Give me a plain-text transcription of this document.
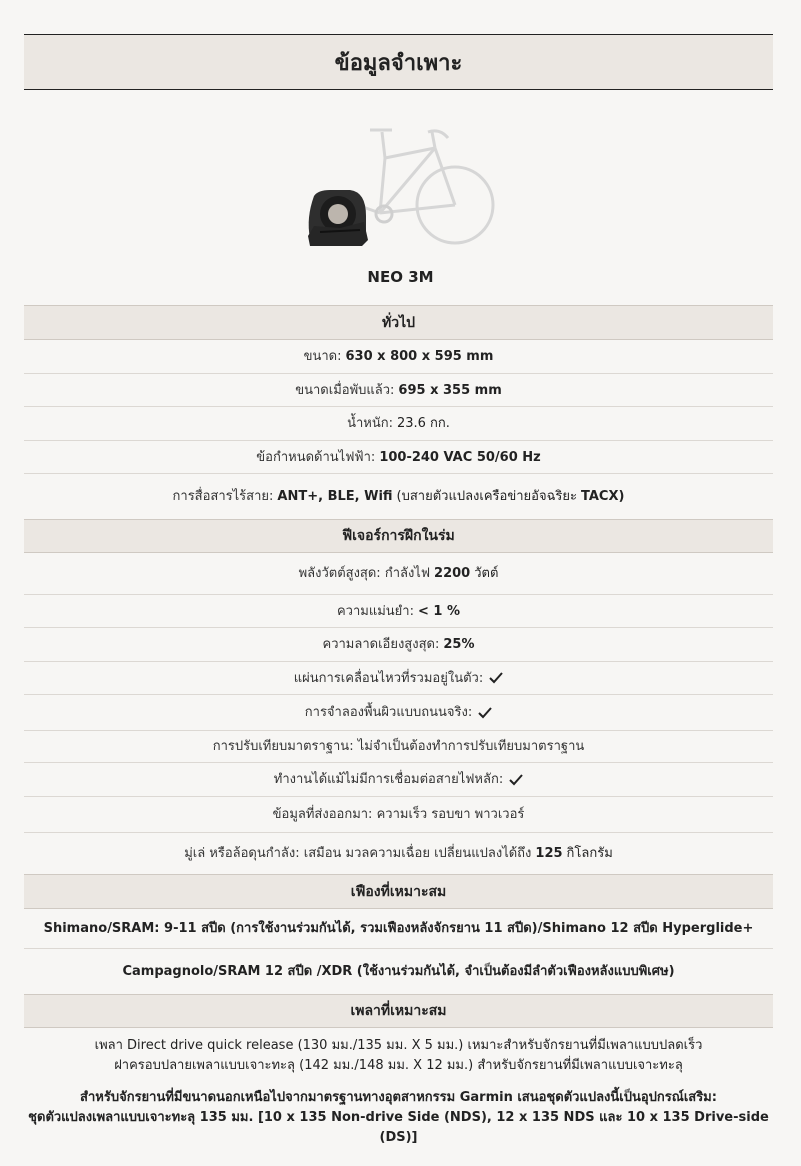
ข้อมูลจำเพาะ
NEO 3M
ทั่วไป
ขนาด: 630 x 800 x 595 mm
ขนาดเมื่อพับแล้ว: 695 x 355 mm
น้ำหนัก: 23.6 กก.
ข้อกำหนดด้านไฟฟ้า: 100-240 VAC 50/60 Hz
การสื่อสารไร้สาย: ANT+, BLE, Wifi (บสายตัวแปลงเครือข่ายอัจฉริยะ TACX)
ฟีเจอร์การฝึกในร่ม
พลังวัตต์สูงสุด: กำลังไฟ 2200 วัตต์
ความแม่นยำ: < 1 %
ความลาดเอียงสูงสุด: 25%
แผ่นการเคลื่อนไหวที่รวมอยู่ในตัว:
การจำลองพื้นผิวแบบถนนจริง:
การปรับเทียบมาตราฐาน: ไม่จำเป็นต้องทำการปรับเทียบมาตราฐาน
ทำงานได้แม้ไม่มีการเชื่อมต่อสายไฟหลัก:
ข้อมูลที่ส่งออกมา: ความเร็ว รอบขา พาวเวอร์
มู่เล่ หรือล้อดุนกำลัง: เสมือน มวลความเฉื่อย เปลี่ยนแปลงได้ถึง 125 กิโลกรัม
เฟืองที่เหมาะสม
Shimano/SRAM: 9-11 สปีด (การใช้งานร่วมกันได้, รวมเฟืองหลังจักรยาน 11 สปีด)/Shimano 12 สปีด Hyperglide+
Campagnolo/SRAM 12 สปีด /XDR (ใช้งานร่วมกันได้, จำเป็นต้องมีลำตัวเฟืองหลังแบบพิเศษ)
เพลาที่เหมาะสม
เพลา Direct drive quick release (130 มม./135 มม. X 5 มม.) เหมาะสำหรับจักรยานที่มีเพลาแบบปลดเร็ว
ฝาครอบปลายเพลาแบบเจาะทะลุ (142 มม./148 มม. X 12 มม.) สำหรับจักรยานที่มีเพลาแบบเจาะทะลุ
สำหรับจักรยานที่มีขนาดนอกเหนือไปจากมาตรฐานทางอุตสาหกรรม Garmin เสนอชุดตัวแปลงนี้เป็นอุปกรณ์เสริม:
ชุดตัวแปลงเพลาแบบเจาะทะลุ 135 มม. [10 x 135 Non-drive Side (NDS), 12 x 135 NDS และ 10 x 135 Drive-side (DS)]
